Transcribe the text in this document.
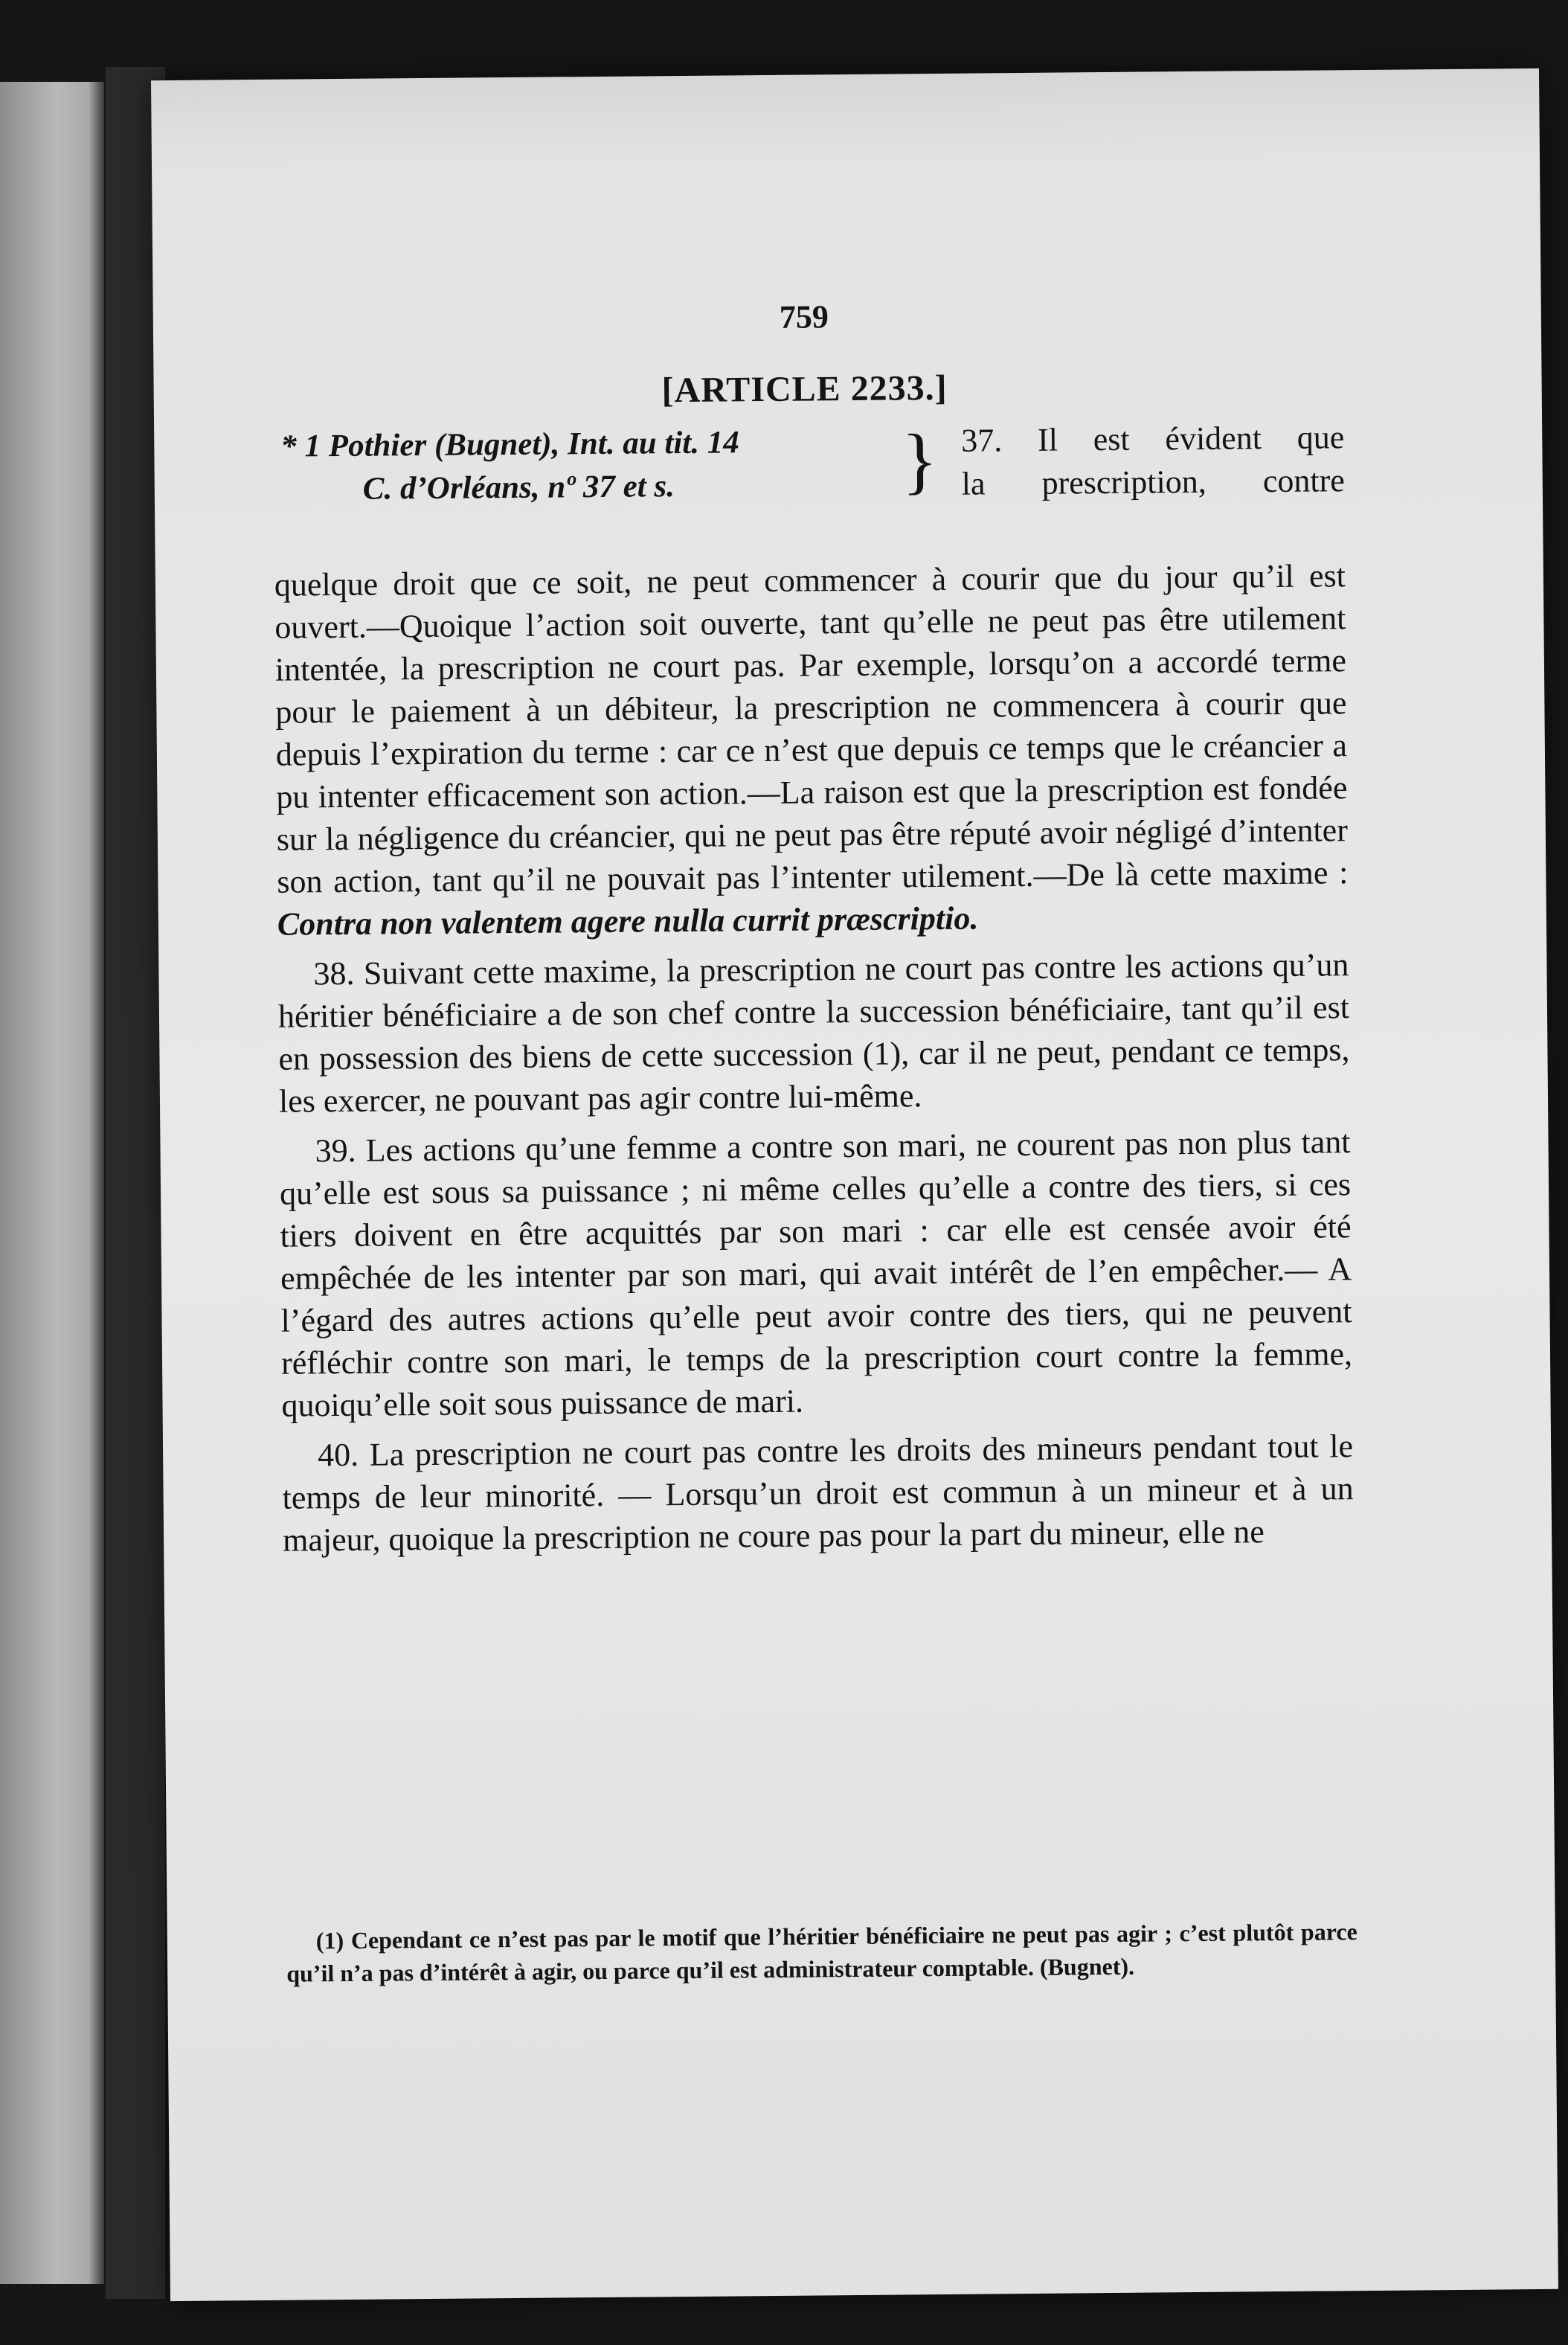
759
[ARTICLE 2233.]
* 1 Pothier (Bugnet), Int. au tit. 14
C. d’Orléans, nº 37 et s.	} 37. Il est évident que
la prescription, contre

quelque droit que ce soit, ne peut commencer à courir que du jour qu’il est ouvert.—Quoique l’action soit ouverte, tant qu’elle ne peut pas être utilement intentée, la prescription ne court pas. Par exemple, lorsqu’on a accordé terme pour le paiement à un débiteur, la prescription ne commencera à courir que depuis l’expiration du terme : car ce n’est que depuis ce temps que le créancier a pu intenter efficacement son action.—La raison est que la prescription est fondée sur la négligence du créancier, qui ne peut pas être réputé avoir négligé d’intenter son action, tant qu’il ne pouvait pas l’intenter utilement.—De là cette maxime : Contra non valentem agere nulla currit præscriptio.

38. Suivant cette maxime, la prescription ne court pas contre les actions qu’un héritier bénéficiaire a de son chef contre la succession bénéficiaire, tant qu’il est en possession des biens de cette succession (1), car il ne peut, pendant ce temps, les exercer, ne pouvant pas agir contre lui-même.

39. Les actions qu’une femme a contre son mari, ne courent pas non plus tant qu’elle est sous sa puissance ; ni même celles qu’elle a contre des tiers, si ces tiers doivent en être acquittés par son mari : car elle est censée avoir été empêchée de les intenter par son mari, qui avait intérêt de l’en empêcher.— A l’égard des autres actions qu’elle peut avoir contre des tiers, qui ne peuvent réfléchir contre son mari, le temps de la prescription court contre la femme, quoiqu’elle soit sous puissance de mari.

40. La prescription ne court pas contre les droits des mineurs pendant tout le temps de leur minorité. — Lorsqu’un droit est commun à un mineur et à un majeur, quoique la prescription ne coure pas pour la part du mineur, elle ne

(1) Cependant ce n’est pas par le motif que l’héritier bénéficiaire ne peut pas agir ; c’est plutôt parce qu’il n’a pas d’intérêt à agir, ou parce qu’il est administrateur comptable. (Bugnet).
